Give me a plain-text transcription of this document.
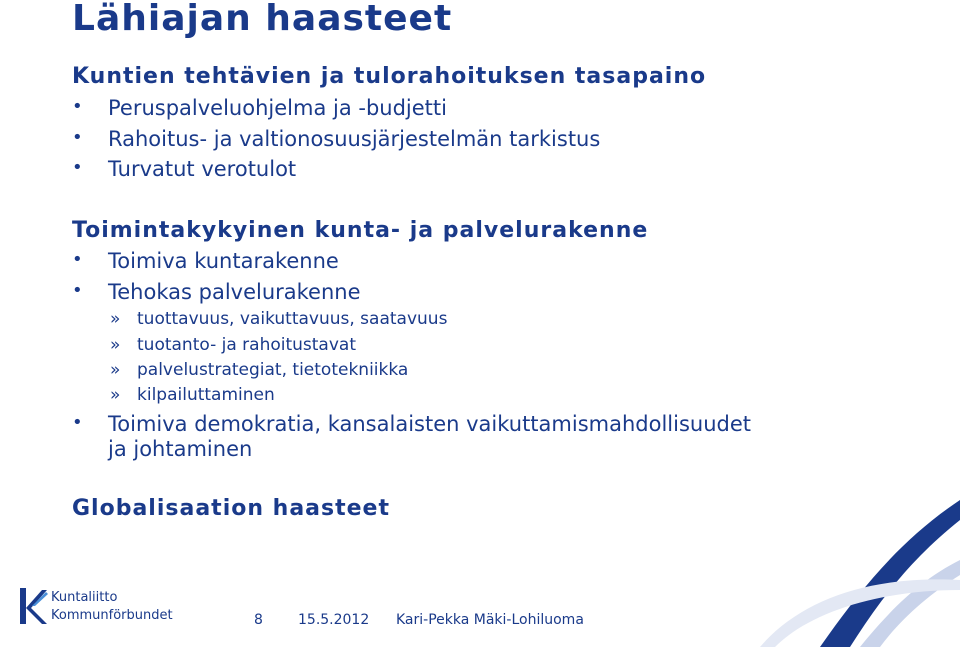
Lähiajan haasteet
Kuntien tehtävien ja tulorahoituksen tasapaino
• Peruspalveluohjelma ja -budjetti
• Rahoitus- ja valtionosuusjärjestelmän tarkistus
• Turvatut verotulot
Toimintakykyinen kunta- ja palvelurakenne
• Toimiva kuntarakenne
• Tehokas palvelurakenne
» tuottavuus, vaikuttavuus, saatavuus
» tuotanto- ja rahoitustavat
» palvelustrategiat, tietotekniikka
» kilpailuttaminen
• Toimiva demokratia, kansalaisten vaikuttamismahdollisuudet
ja johtaminen
Globalisaation haasteet
Kuntaliitto
Kommunförbundet	8	15.5.2012 Kari-Pekka Mäki-Lohiluoma
